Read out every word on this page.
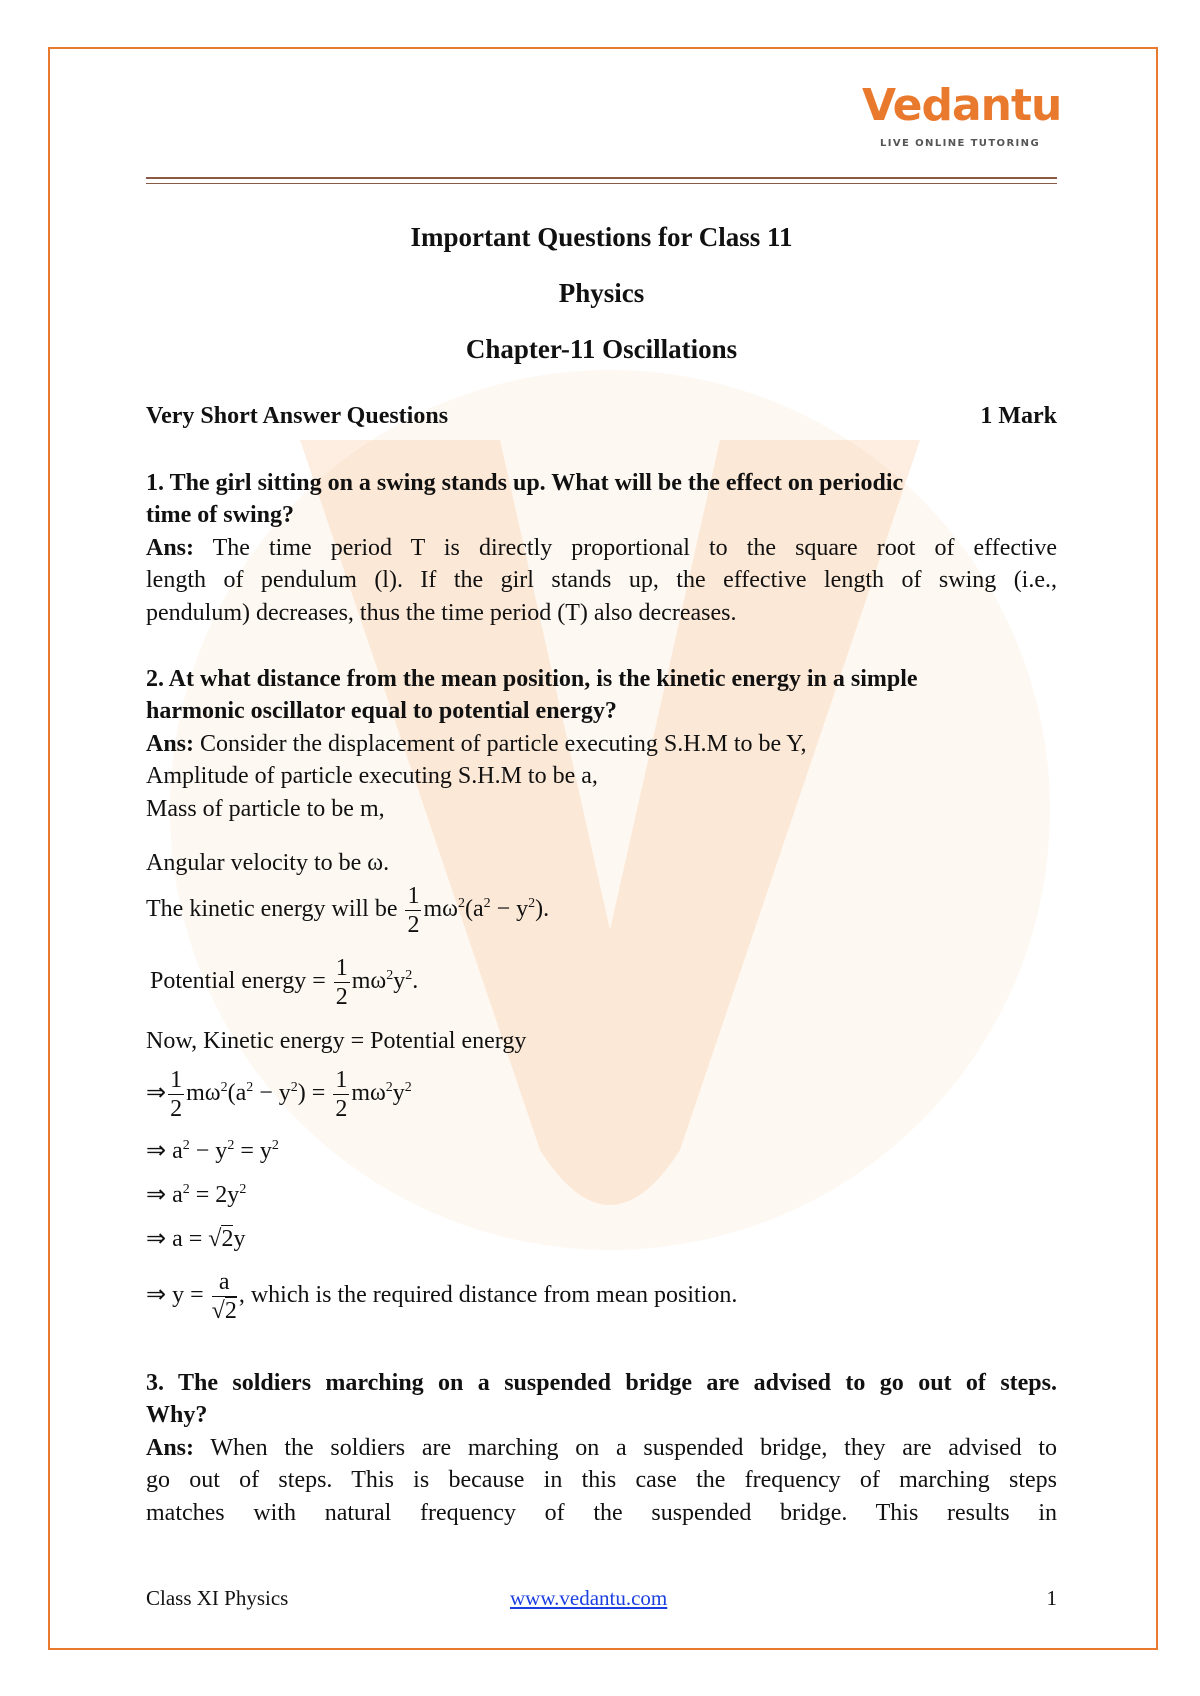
Vedantu
LIVE ONLINE TUTORING
Important Questions for Class 11
Physics
Chapter-11 Oscillations
Very Short Answer Questions	1 Mark
1. The girl sitting on a swing stands up. What will be the effect on periodic
time of swing?
Ans: The time period T is directly proportional to the square root of effective
length of pendulum (l). If the girl stands up, the effective length of swing (i.e.,
pendulum) decreases, thus the time period (T) also decreases.
2. At what distance from the mean position, is the kinetic energy in a simple
harmonic oscillator equal to potential energy?
Ans: Consider the displacement of particle executing S.H.M to be Y,
Amplitude of particle executing S.H.M to be a,
Mass of particle to be m,
Angular velocity to be ω.
The kinetic energy will be $\frac{1}{2} m\omega^2(a^2 - y^2)$.
Potential energy = $\frac{1}{2} m\omega^2y^2$.
Now, Kinetic energy = Potential energy
⇒ $\frac{1}{2} m\omega^2(a^2 - y^2) = \frac{1}{2} m\omega^2y^2$
⇒ $a^2 - y^2 = y^2$
⇒ $a^2 = 2y^2$
⇒ a = √2y
⇒ $y = \frac{a}{√2}$ , which is the required distance from mean position.
3. The soldiers marching on a suspended bridge are advised to go out of steps.
Why?
Ans: When the soldiers are marching on a suspended bridge, they are advised to
go out of steps. This is because in this case the frequency of marching steps
matches with natural frequency of the suspended bridge. This results in
Class XI Physics	www.vedantu.com	1
